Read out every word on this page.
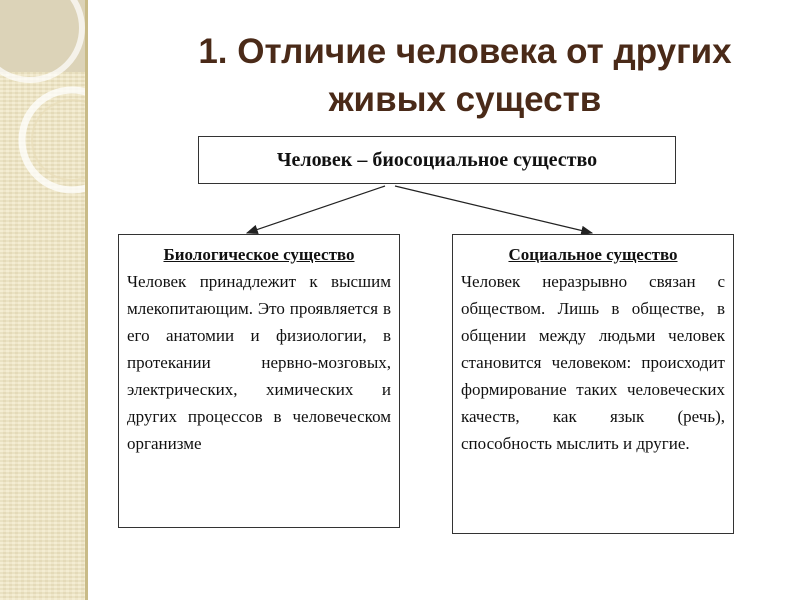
1. Отличие человека от других живых существ
Человек – биосоциальное существо
Биологическое существо
Человек принадлежит к высшим млекопитающим. Это проявляется в его анатомии и физиологии, в протекании нервно-мозговых, электрических, химических и других процессов в человеческом организме
Социальное существо
Человек неразрывно связан с обществом. Лишь в обществе, в общении между людьми человек становится человеком: происходит формирование таких человеческих качеств, как язык (речь), способность мыслить и другие.
